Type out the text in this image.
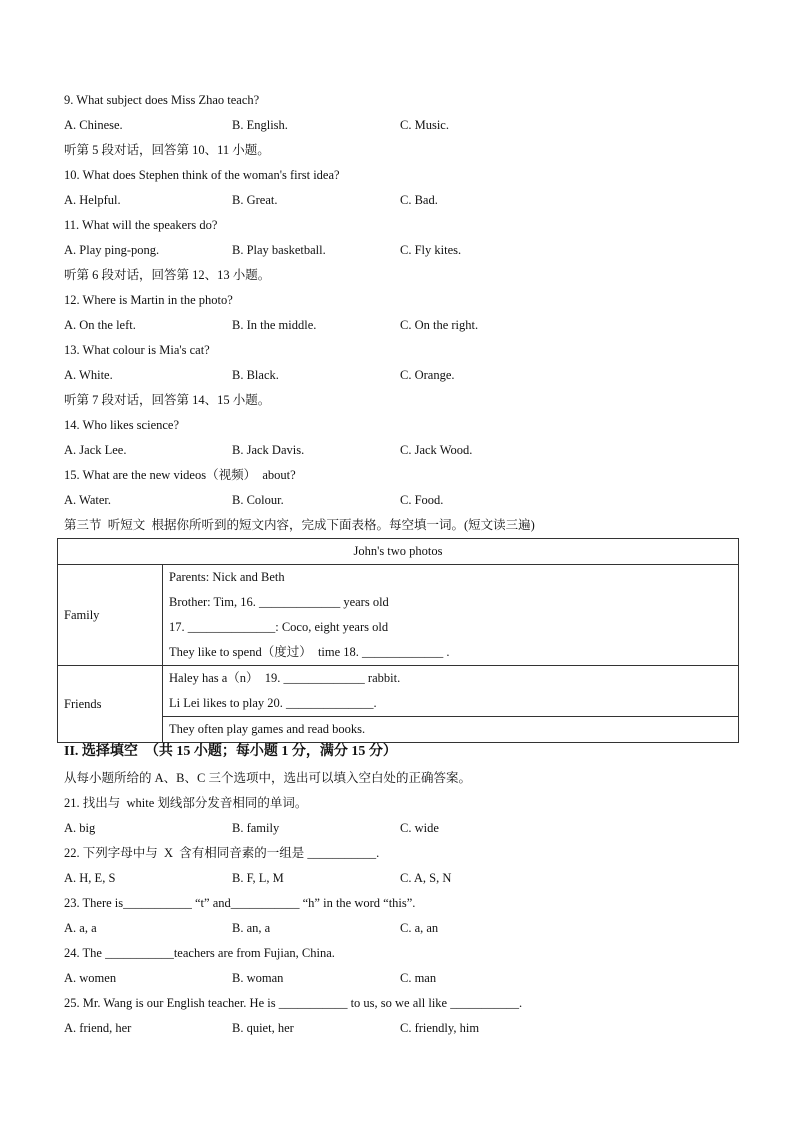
9. What subject does Miss Zhao teach?
A. Chinese.	B. English.	C. Music.
听第 5 段对话，回答第 10、11 小题。
10. What does Stephen think of the woman's first idea?
A. Helpful.	B. Great.	C. Bad.
11. What will the speakers do?
A. Play ping-pong.	B. Play basketball.	C. Fly kites.
听第 6 段对话，回答第 12、13 小题。
12. Where is Martin in the photo?
A. On the left.	B. In the middle.	C. On the right.
13. What colour is Mia's cat?
A. White.	B. Black.	C. Orange.
听第 7 段对话，回答第 14、15 小题。
14. Who likes science?
A. Jack Lee.	B. Jack Davis.	C. Jack Wood.
15. What are the new videos（视频）  about?
A. Water.	B. Colour.	C. Food.
第三节  听短文  根据你所听到的短文内容，完成下面表格。每空填一词。(短文读三遍)
John's two photos	
Family	Parents: Nick and Beth
Brother: Tim, 16. _____________ years old
17. ______________: Coco, eight years old
They like to spend（度过）  time 18. _____________ .

Friends	Haley has a（n）  19. _____________ rabbit.
Li Lei likes to play 20. ______________.

	They often play games and read books.
II. 选择填空  （共 15 小题；每小题 1 分，满分 15 分）
从每小题所给的 A、B、C 三个选项中，选出可以填入空白处的正确答案。
21. 找出与  white 划线部分发音相同的单词。
A. big	B. family	C. wide
22. 下列字母中与  X  含有相同音素的一组是 ___________.
A. H, E, S	B. F, L, M	C. A, S, N
23. There is___________ “t” and___________ “h” in the word “this”.
A. a, a	B. an, a	C. a, an
24. The ___________teachers are from Fujian, China.
A. women	B. woman	C. man
25. Mr. Wang is our English teacher. He is ___________ to us, so we all like ___________.
A. friend, her	B. quiet, her	C. friendly, him
